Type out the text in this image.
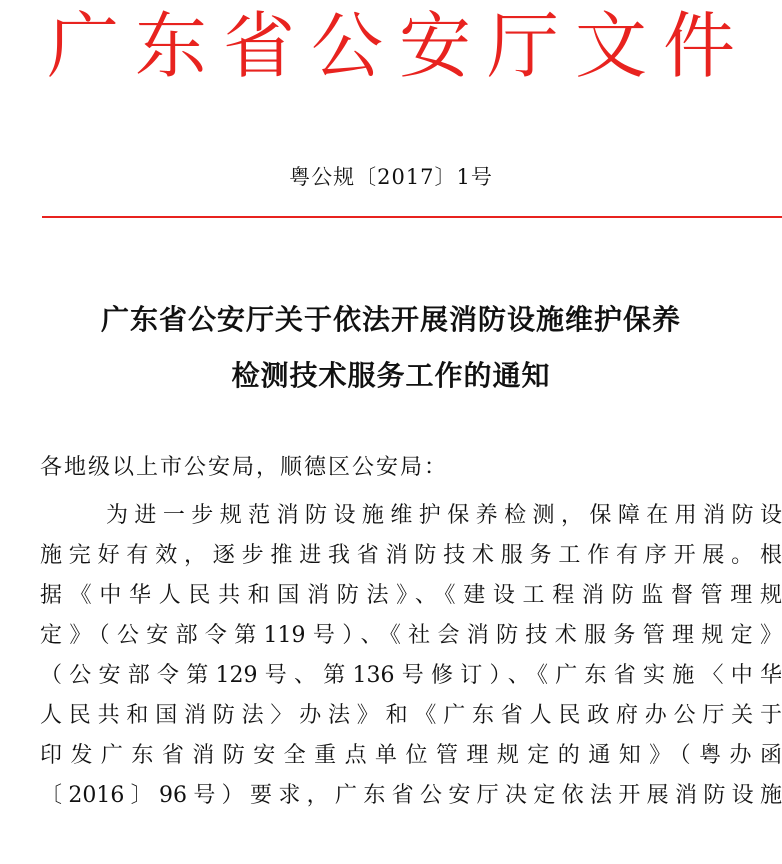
广东省公安厅文件
粤公规〔2017〕1号
广东省公安厅关于依法开展消防设施维护保养
检测技术服务工作的通知
各地级以上市公安局，顺德区公安局：
为进一步规范消防设施维护保养检测，保障在用消防设
施完好有效，逐步推进我省消防技术服务工作有序开展。根
据《中华人民共和国消防法》、《建设工程消防监督管理规
定》（公安部令第119号）、《社会消防技术服务管理规定》
（公安部令第129号、第136号修订）、《广东省实施〈中华
人民共和国消防法〉办法》和《广东省人民政府办公厅关于
印发广东省消防安全重点单位管理规定的通知》（粤办函
〔2016〕96号）要求，广东省公安厅决定依法开展消防设施
